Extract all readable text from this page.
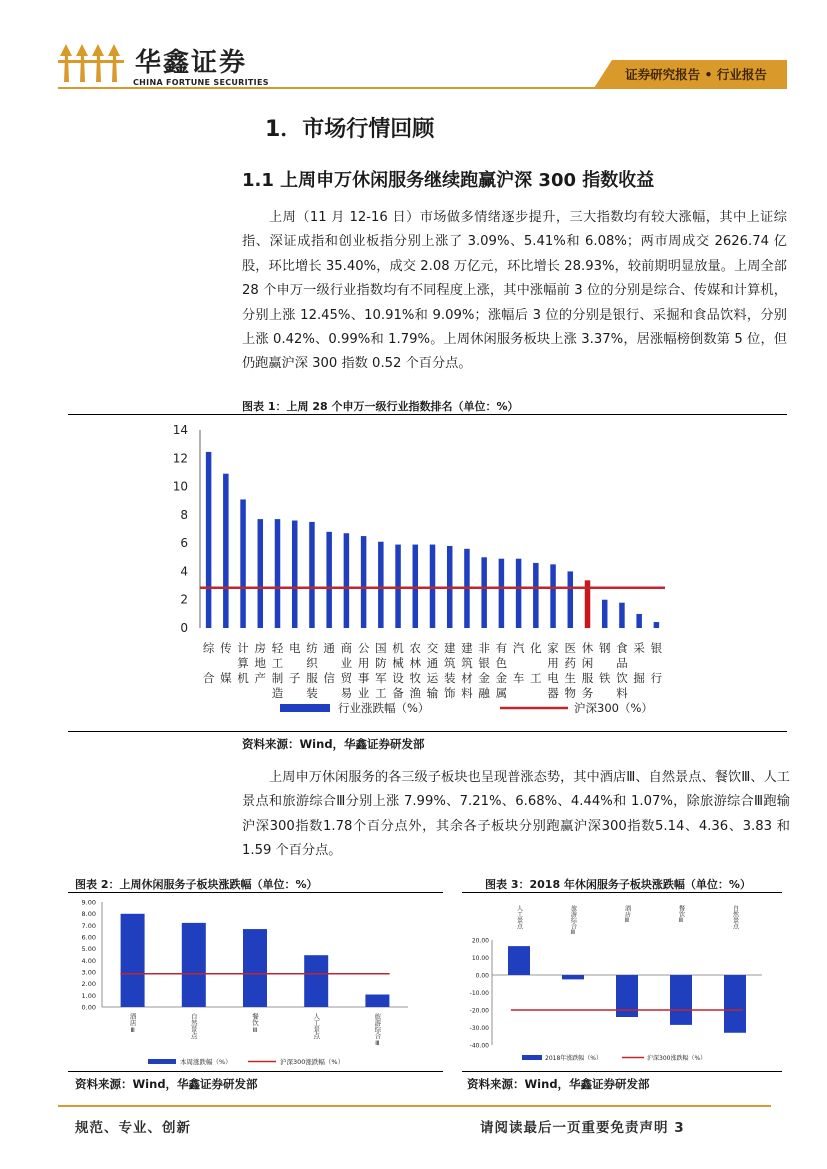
华鑫证券
CHINA FORTUNE SECURITIES
证券研究报告 • 行业报告
1．市场行情回顾
1.1 上周申万休闲服务继续跑赢沪深 300 指数收益
上周（11 月 12-16 日）市场做多情绪逐步提升，三大指数均有较大涨幅，其中上证综指、深证成指和创业板指分别上涨了 3.09%、5.41%和 6.08%；两市周成交 2626.74 亿股，环比增长 35.40%，成交 2.08 万亿元，环比增长 28.93%，较前期明显放量。上周全部 28 个申万一级行业指数均有不同程度上涨，其中涨幅前 3 位的分别是综合、传媒和计算机，分别上涨 12.45%、10.91%和 9.09%；涨幅后 3 位的分别是银行、采掘和食品饮料，分别上涨 0.42%、0.99%和 1.79%。上周休闲服务板块上涨 3.37%，居涨幅榜倒数第 5 位，但仍跑赢沪深 300 指数 0.52 个百分点。
图表 1：上周 28 个申万一级行业指数排名（单位：%）
14
12
10
8
6
4
2
0
综合
传媒
计算机
房地产
轻工制造
电子
纺织服装
通信
商业贸易
公用事业
国防军工
机械设备
农林牧渔
交通运输
建筑装饰
建筑材料
非银金融
有色金属
汽车
化工
家用电器
医药生物
休闲服务
钢铁
食品饮料
采掘
银行
行业涨跌幅（%）	沪深300（%）
资料来源：Wind，华鑫证券研发部
上周申万休闲服务的各三级子板块也呈现普涨态势，其中酒店Ⅲ、自然景点、餐饮Ⅲ、人工景点和旅游综合Ⅲ分别上涨 7.99%、7.21%、6.68%、4.44%和 1.07%，除旅游综合Ⅲ跑输沪深300指数1.78个百分点外，其余各子板块分别跑赢沪深300指数5.14、4.36、3.83 和 1.59 个百分点。
图表 2：上周休闲服务子板块涨跌幅（单位：%）
9.00
8.00
7.00
6.00
5.00
4.00
3.00
2.00
1.00
0.00
酒店Ⅲ	自然景点	餐饮Ⅲ	人工景点	旅游综合Ⅲ
本周涨跌幅（%）	沪深300涨跌幅（%）
资料来源：Wind，华鑫证券研发部
图表 3：2018 年休闲服务子板块涨跌幅（单位：%）
20.00
10.00
0.00
-10.00
-20.00
-30.00
-40.00
人工景点	旅游综合Ⅲ	酒店Ⅲ	餐饮Ⅲ	自然景点
2018年涨跌幅（%）	沪深300涨跌幅（%）
资料来源：Wind，华鑫证券研发部
规范、专业、创新	请阅读最后一页重要免责声明 3
